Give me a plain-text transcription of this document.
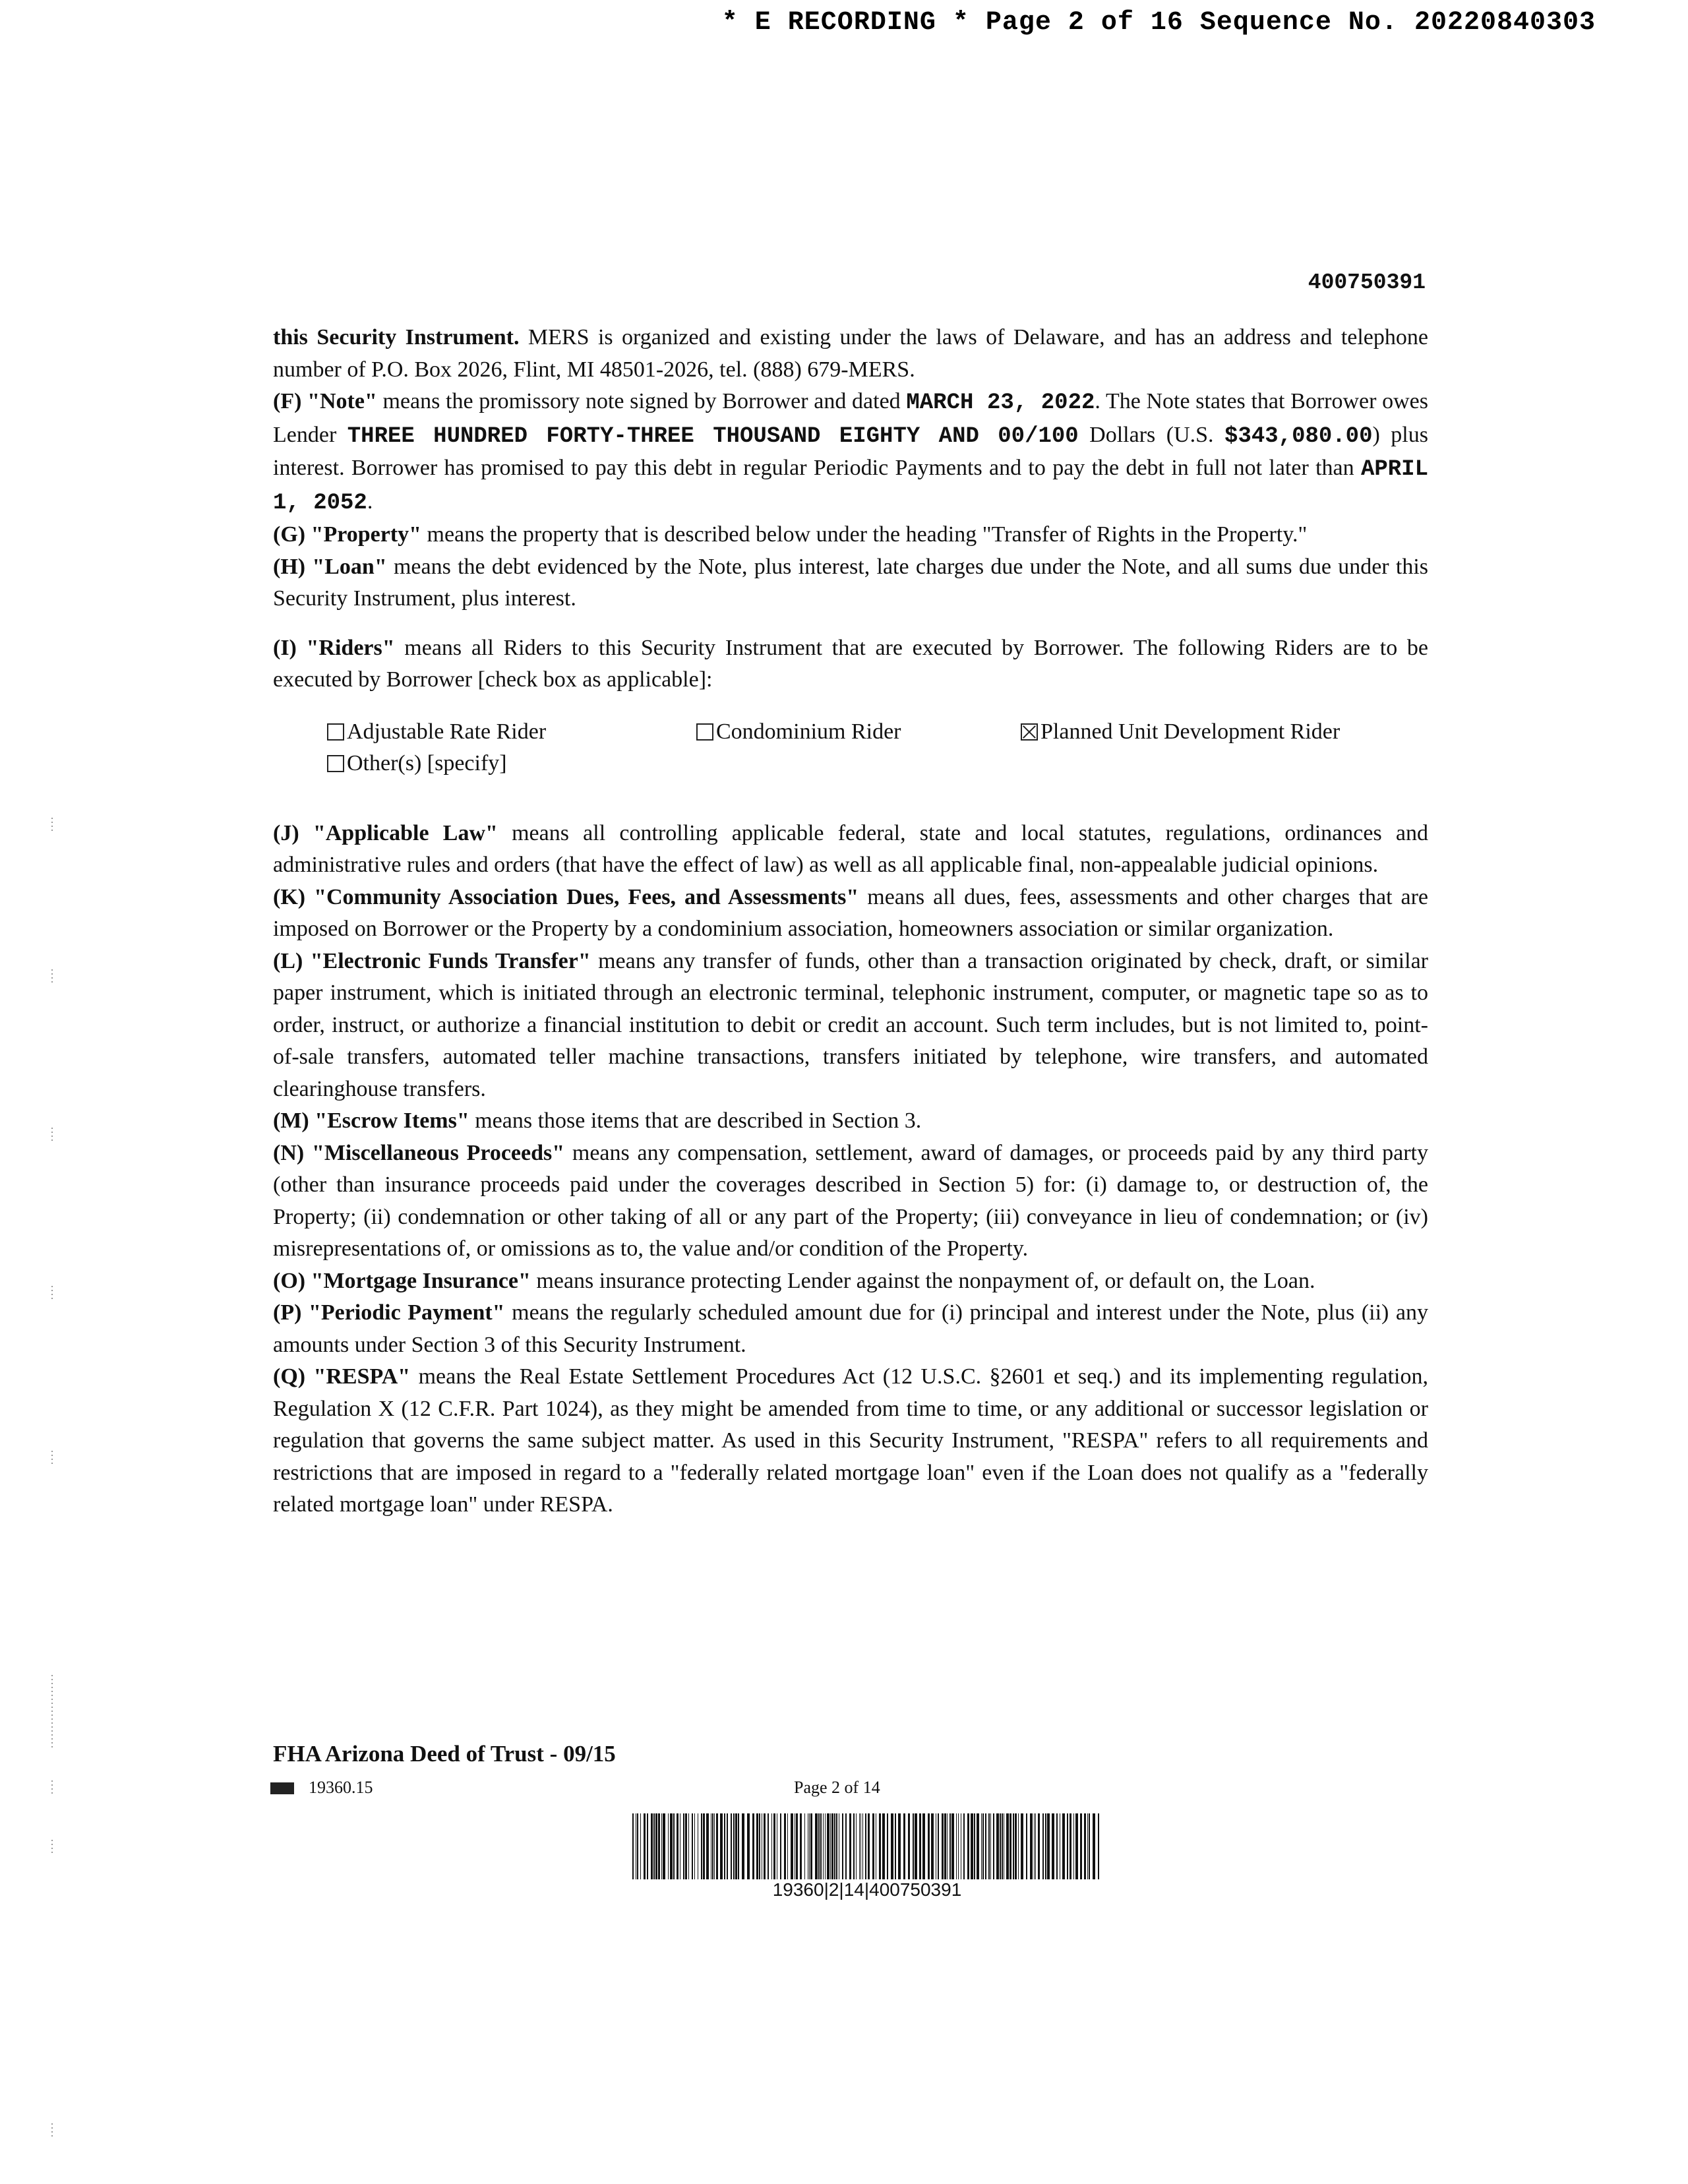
* E RECORDING * Page 2 of 16 Sequence No. 20220840303
400750391

this Security Instrument. MERS is organized and existing under the laws of Delaware, and has an address and telephone number of P.O. Box 2026, Flint, MI 48501-2026, tel. (888) 679-MERS.

(F) "Note" means the promissory note signed by Borrower and dated MARCH 23, 2022. The Note states that Borrower owes Lender THREE HUNDRED FORTY-THREE THOUSAND EIGHTY AND 00/100 Dollars (U.S. $343,080.00) plus interest. Borrower has promised to pay this debt in regular Periodic Payments and to pay the debt in full not later than APRIL 1, 2052.

(G) "Property" means the property that is described below under the heading "Transfer of Rights in the Property."

(H) "Loan" means the debt evidenced by the Note, plus interest, late charges due under the Note, and all sums due under this Security Instrument, plus interest.

(I) "Riders" means all Riders to this Security Instrument that are executed by Borrower. The following Riders are to be executed by Borrower [check box as applicable]:

Adjustable Rate Rider	Condominium Rider	Planned Unit Development Rider
Other(s) [specify]

(J) "Applicable Law" means all controlling applicable federal, state and local statutes, regulations, ordinances and administrative rules and orders (that have the effect of law) as well as all applicable final, non-appealable judicial opinions.

(K) "Community Association Dues, Fees, and Assessments" means all dues, fees, assessments and other charges that are imposed on Borrower or the Property by a condominium association, homeowners association or similar organization.

(L) "Electronic Funds Transfer" means any transfer of funds, other than a transaction originated by check, draft, or similar paper instrument, which is initiated through an electronic terminal, telephonic instrument, computer, or magnetic tape so as to order, instruct, or authorize a financial institution to debit or credit an account. Such term includes, but is not limited to, point-of-sale transfers, automated teller machine transactions, transfers initiated by telephone, wire transfers, and automated clearinghouse transfers.

(M) "Escrow Items" means those items that are described in Section 3.

(N) "Miscellaneous Proceeds" means any compensation, settlement, award of damages, or proceeds paid by any third party (other than insurance proceeds paid under the coverages described in Section 5) for: (i) damage to, or destruction of, the Property; (ii) condemnation or other taking of all or any part of the Property; (iii) conveyance in lieu of condemnation; or (iv) misrepresentations of, or omissions as to, the value and/or condition of the Property.

(O) "Mortgage Insurance" means insurance protecting Lender against the nonpayment of, or default on, the Loan.

(P) "Periodic Payment" means the regularly scheduled amount due for (i) principal and interest under the Note, plus (ii) any amounts under Section 3 of this Security Instrument.

(Q) "RESPA" means the Real Estate Settlement Procedures Act (12 U.S.C. §2601 et seq.) and its implementing regulation, Regulation X (12 C.F.R. Part 1024), as they might be amended from time to time, or any additional or successor legislation or regulation that governs the same subject matter. As used in this Security Instrument, "RESPA" refers to all requirements and restrictions that are imposed in regard to a "federally related mortgage loan" even if the Loan does not qualify as a "federally related mortgage loan" under RESPA.

FHA Arizona Deed of Trust - 09/15
19360.15	Page 2 of 14
19360|2|14|400750391
